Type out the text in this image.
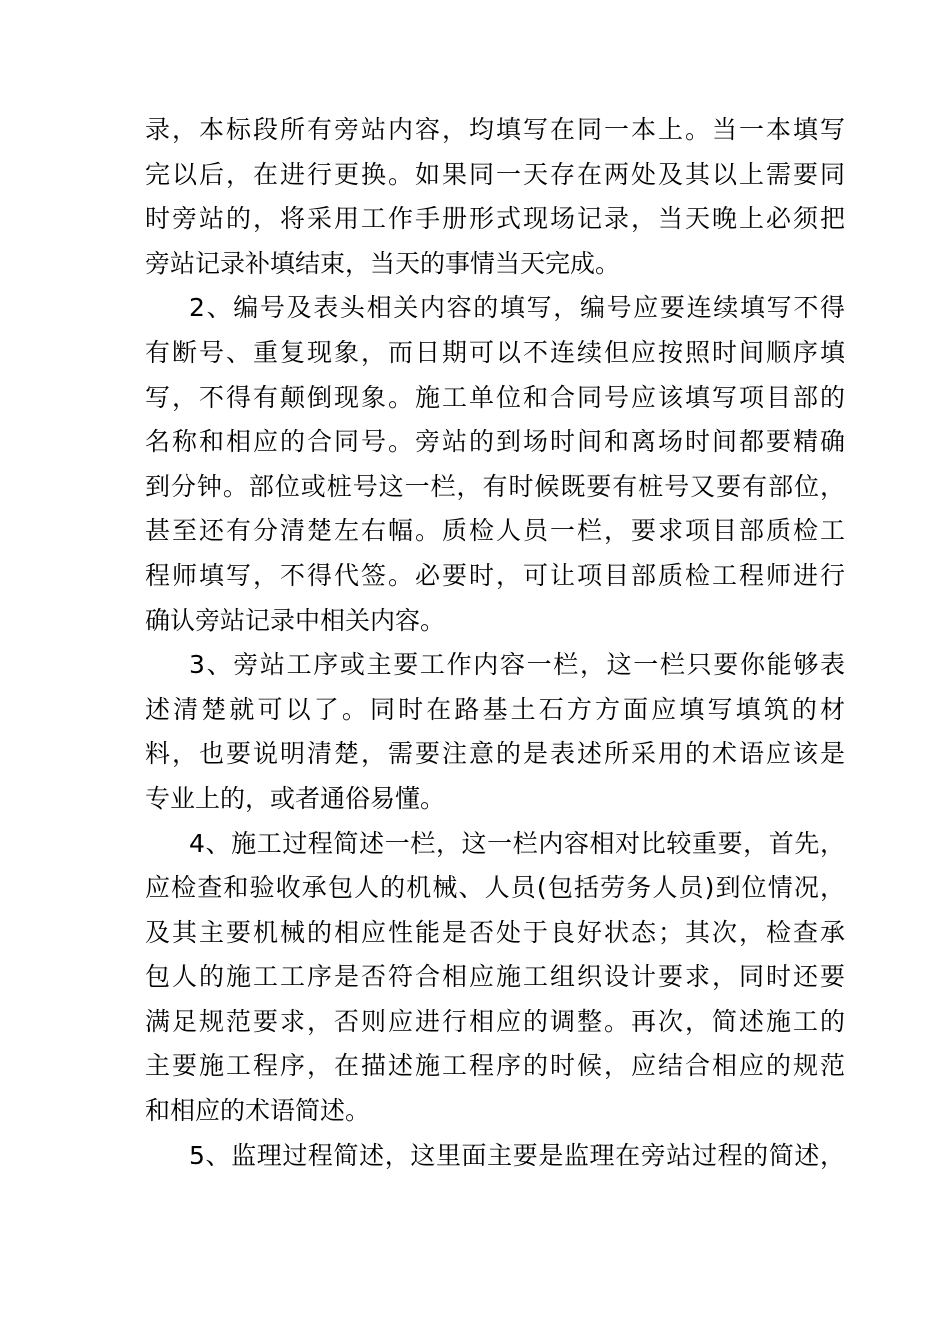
录，本标段所有旁站内容，均填写在同一本上。当一本填写
完以后，在进行更换。如果同一天存在两处及其以上需要同
时旁站的，将采用工作手册形式现场记录，当天晚上必须把
旁站记录补填结束，当天的事情当天完成。
2、编号及表头相关内容的填写，编号应要连续填写不得
有断号、重复现象，而日期可以不连续但应按照时间顺序填
写，不得有颠倒现象。施工单位和合同号应该填写项目部的
名称和相应的合同号。旁站的到场时间和离场时间都要精确
到分钟。部位或桩号这一栏，有时候既要有桩号又要有部位，
甚至还有分清楚左右幅。质检人员一栏，要求项目部质检工
程师填写，不得代签。必要时，可让项目部质检工程师进行
确认旁站记录中相关内容。
3、旁站工序或主要工作内容一栏，这一栏只要你能够表
述清楚就可以了。同时在路基土石方方面应填写填筑的材
料，也要说明清楚，需要注意的是表述所采用的术语应该是
专业上的，或者通俗易懂。
4、施工过程简述一栏，这一栏内容相对比较重要，首先，
应检查和验收承包人的机械、人员(包括劳务人员)到位情况，
及其主要机械的相应性能是否处于良好状态；其次，检查承
包人的施工工序是否符合相应施工组织设计要求，同时还要
满足规范要求，否则应进行相应的调整。再次，简述施工的
主要施工程序，在描述施工程序的时候，应结合相应的规范
和相应的术语简述。
5、监理过程简述，这里面主要是监理在旁站过程的简述，
